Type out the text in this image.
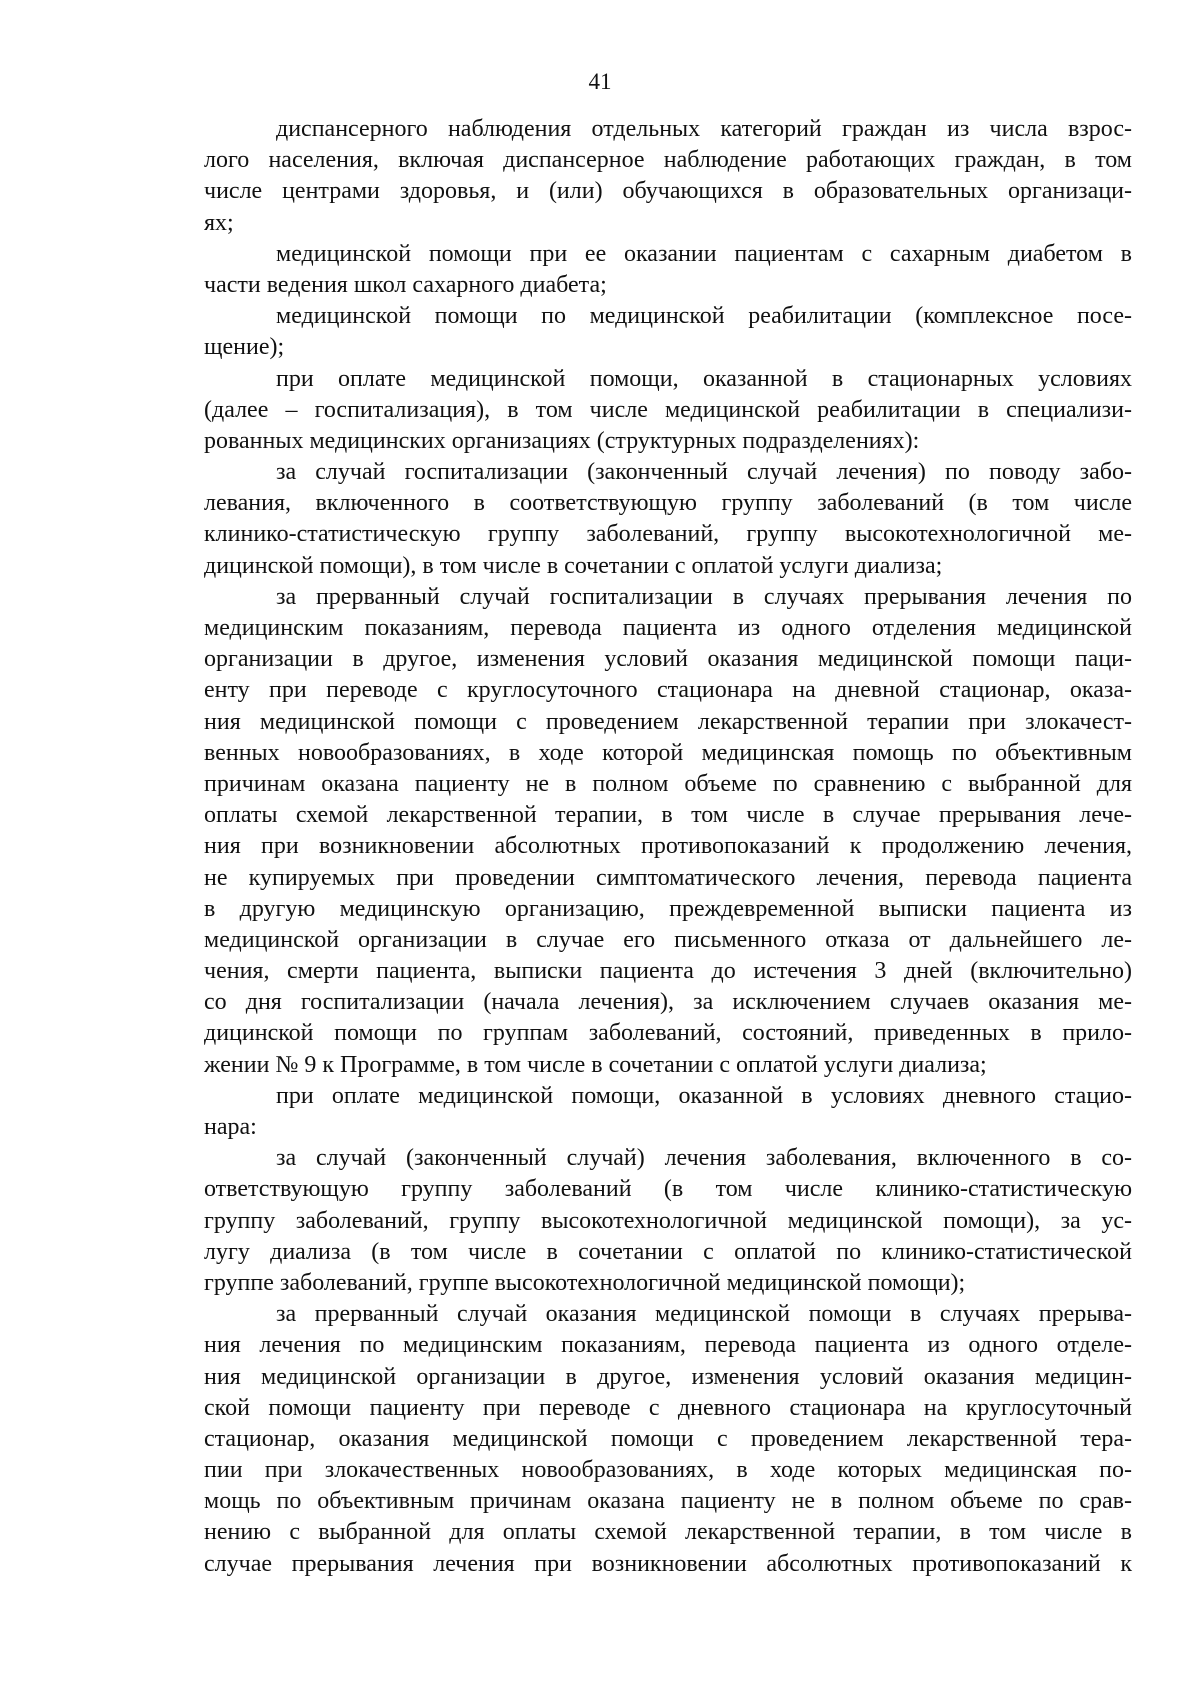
41
диспансерного наблюдения отдельных категорий граждан из числа взрос-
лого населения, включая диспансерное наблюдение работающих граждан, в том
числе центрами здоровья, и (или) обучающихся в образовательных организаци-
ях;
медицинской помощи при ее оказании пациентам с сахарным диабетом в
части ведения школ сахарного диабета;
медицинской помощи по медицинской реабилитации (комплексное посе-
щение);
при оплате медицинской помощи, оказанной в стационарных условиях
(далее – госпитализация), в том числе медицинской реабилитации в специализи-
рованных медицинских организациях (структурных подразделениях):
за случай госпитализации (законченный случай лечения) по поводу забо-
левания, включенного в соответствующую группу заболеваний (в том числе
клинико-статистическую группу заболеваний, группу высокотехнологичной ме-
дицинской помощи), в том числе в сочетании с оплатой услуги диализа;
за прерванный случай госпитализации в случаях прерывания лечения по
медицинским показаниям, перевода пациента из одного отделения медицинской
организации в другое, изменения условий оказания медицинской помощи паци-
енту при переводе с круглосуточного стационара на дневной стационар, оказа-
ния медицинской помощи с проведением лекарственной терапии при злокачест-
венных новообразованиях, в ходе которой медицинская помощь по объективным
причинам оказана пациенту не в полном объеме по сравнению с выбранной для
оплаты схемой лекарственной терапии, в том числе в случае прерывания лече-
ния при возникновении абсолютных противопоказаний к продолжению лечения,
не купируемых при проведении симптоматического лечения, перевода пациента
в другую медицинскую организацию, преждевременной выписки пациента из
медицинской организации в случае его письменного отказа от дальнейшего ле-
чения, смерти пациента, выписки пациента до истечения 3 дней (включительно)
со дня госпитализации (начала лечения), за исключением случаев оказания ме-
дицинской помощи по группам заболеваний, состояний, приведенных в прило-
жении № 9 к Программе, в том числе в сочетании с оплатой услуги диализа;
при оплате медицинской помощи, оказанной в условиях дневного стацио-
нара:
за случай (законченный случай) лечения заболевания, включенного в со-
ответствующую группу заболеваний (в том числе клинико-статистическую
группу заболеваний, группу высокотехнологичной медицинской помощи), за ус-
лугу диализа (в том числе в сочетании с оплатой по клинико-статистической
группе заболеваний, группе высокотехнологичной медицинской помощи);
за прерванный случай оказания медицинской помощи в случаях прерыва-
ния лечения по медицинским показаниям, перевода пациента из одного отделе-
ния медицинской организации в другое, изменения условий оказания медицин-
ской помощи пациенту при переводе с дневного стационара на круглосуточный
стационар, оказания медицинской помощи с проведением лекарственной тера-
пии при злокачественных новообразованиях, в ходе которых медицинская по-
мощь по объективным причинам оказана пациенту не в полном объеме по срав-
нению с выбранной для оплаты схемой лекарственной терапии, в том числе в
случае прерывания лечения при возникновении абсолютных противопоказаний к
